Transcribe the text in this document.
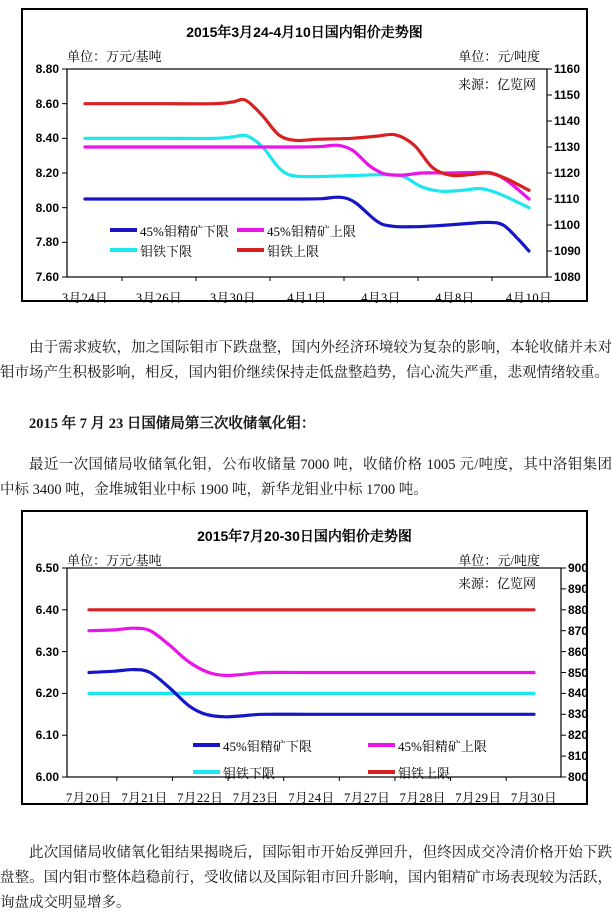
2015年3月24-4月10日国内钼价走势图
单位：万元/基吨	单位：元/吨度
来源：亿览网
8.80
8.60
8.40
8.20
8.00
7.80
7.60
1160
1150
1140
1130
1120
1110
1100
1090
1080
3月24日 3月26日 3月30日 4月1日	4月3日	4月8日 4月10日
45%钼精矿下限	45%钼精矿上限
钼铁下限	钼铁上限

由于需求疲软，加之国际钼市下跌盘整，国内外经济环境较为复杂的影响，本轮收储并未对钼市场产生积极影响，相反，国内钼价继续保持走低盘整趋势，信心流失严重，悲观情绪较重。

2015 年 7 月 23 日国储局第三次收储氧化钼：

最近一次国储局收储氧化钼，公布收储量 7000 吨，收储价格 1005 元/吨度，其中洛钼集团中标 3400 吨，金堆城钼业中标 1900 吨，新华龙钼业中标 1700 吨。

2015年7月20-30日国内钼价走势图
单位：万元/基吨	单位：元/吨度
来源：亿览网
6.50
6.40
6.30
6.20
6.10
6.00
900
890
880
870
860
850
840
830
820
810
800
7月20日 7月21日 7月22日 7月23日 7月24日 7月27日 7月28日 7月29日 7月30日
45%钼精矿下限	45%钼精矿上限
钼铁下限	钼铁上限

此次国储局收储氧化钼结果揭晓后，国际钼市开始反弹回升，但终因成交冷清价格开始下跌盘整。国内钼市整体趋稳前行，受收储以及国际钼市回升影响，国内钼精矿市场表现较为活跃，询盘成交明显增多。
